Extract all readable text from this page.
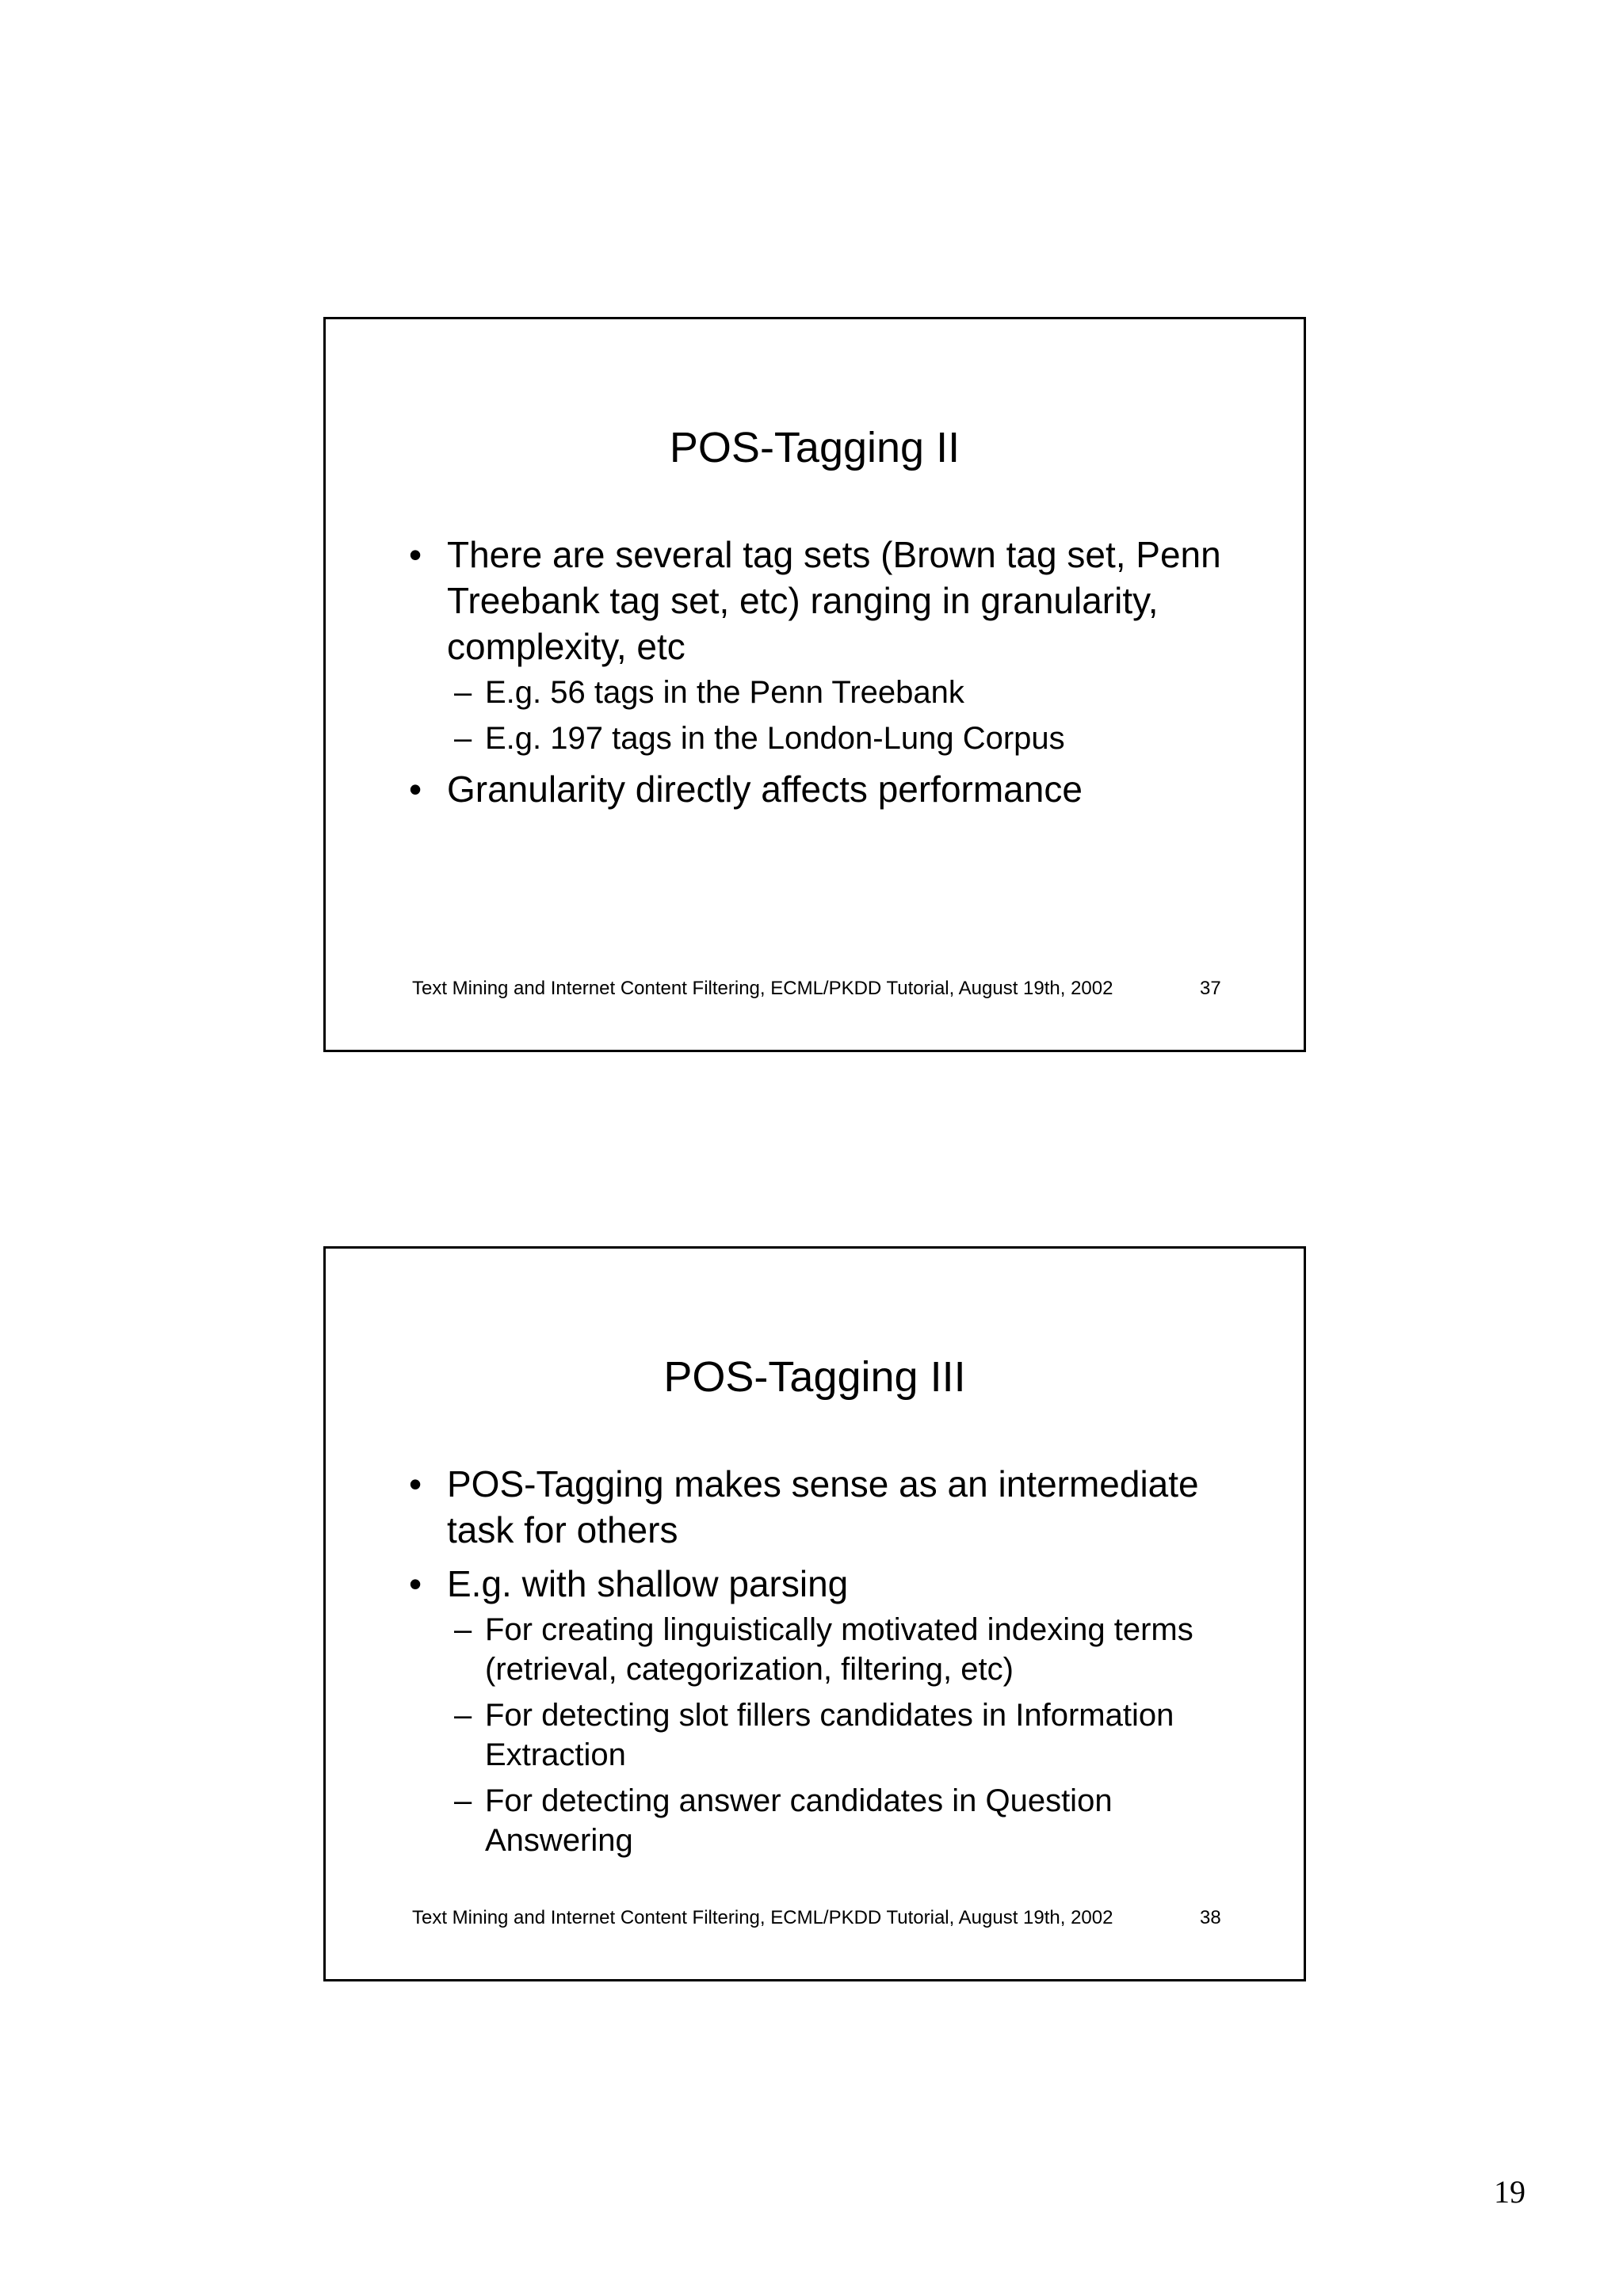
POS-Tagging II
• There are several tag sets (Brown tag set, Penn Treebank tag set, etc) ranging in granularity, complexity, etc
– E.g. 56 tags in the Penn Treebank
– E.g. 197 tags in the London-Lung Corpus
• Granularity directly affects performance
Text Mining and Internet Content Filtering, ECML/PKDD Tutorial, August 19th, 2002	37
POS-Tagging III
• POS-Tagging makes sense as an intermediate task for others
• E.g. with shallow parsing
– For creating linguistically motivated indexing terms (retrieval, categorization, filtering, etc)
– For detecting slot fillers candidates in Information Extraction
– For detecting answer candidates in Question Answering
Text Mining and Internet Content Filtering, ECML/PKDD Tutorial, August 19th, 2002	38
19
